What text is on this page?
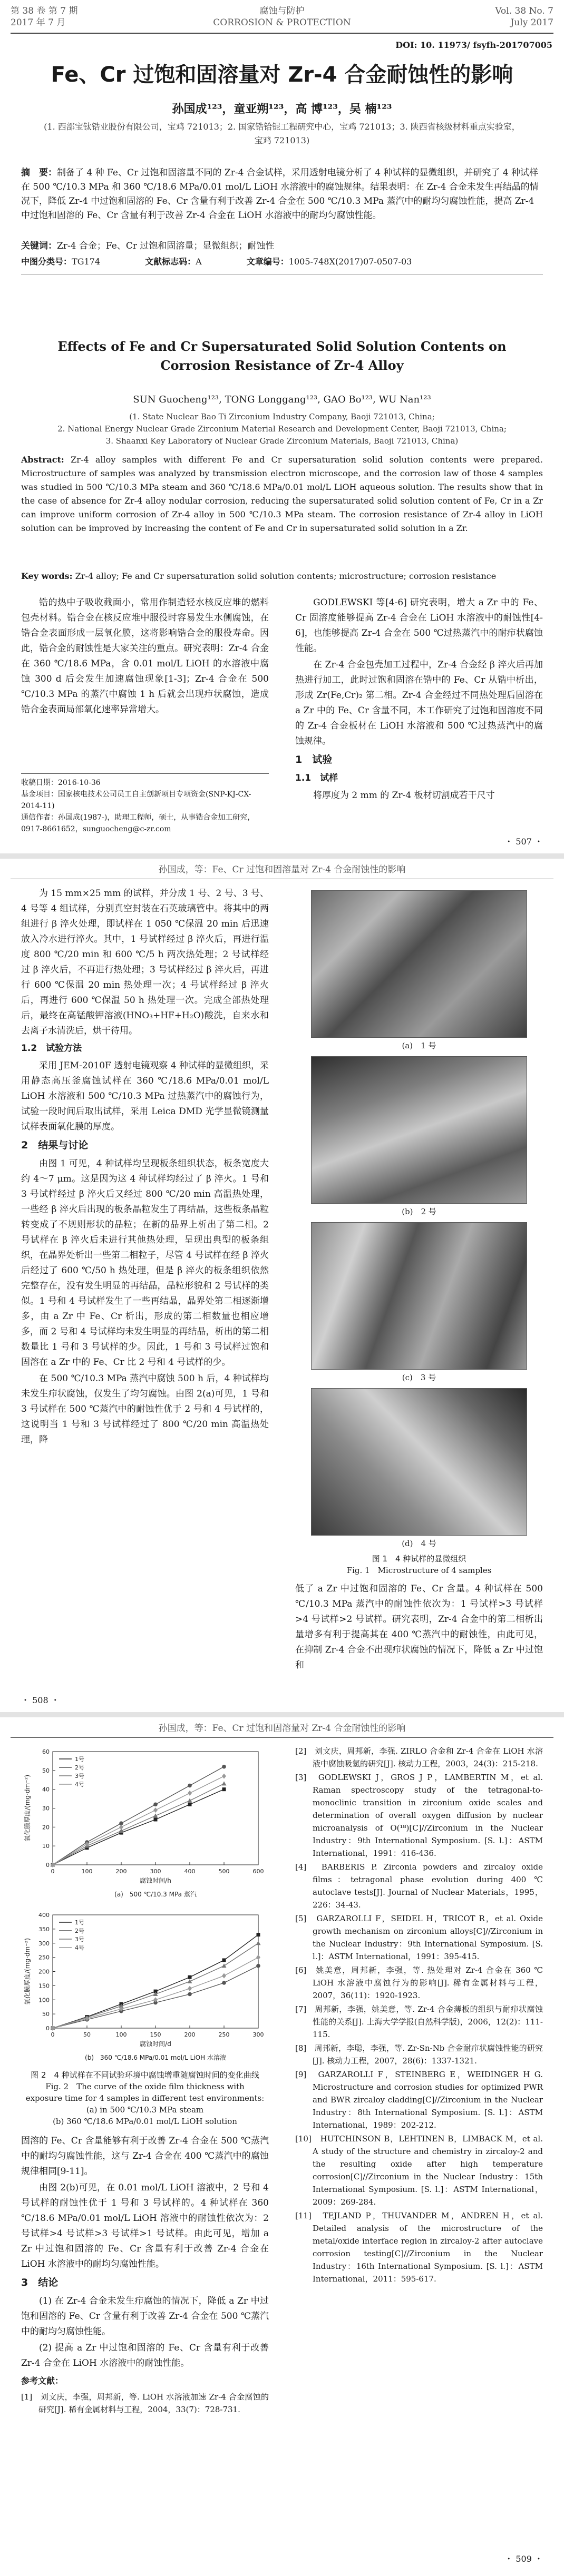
第 38 卷 第 7 期
2017 年 7 月
腐蚀与防护
CORROSION & PROTECTION
Vol. 38 No. 7
July 2017
DOI: 10. 11973/ fsyfh-201707005
Fe、Cr 过饱和固溶量对 Zr-4 合金耐蚀性的影响
孙国成¹²³，童亚朔¹²³，高 博¹²³，吴 楠¹²³
(1. 西部宝钛锆业股份有限公司，宝鸡 721013；2. 国家锆铪铌工程研究中心，宝鸡 721013；3. 陕西省核级材料重点实验室，宝鸡 721013)
摘　要：制备了 4 种 Fe、Cr 过饱和固溶量不同的 Zr-4 合金试样，采用透射电镜分析了 4 种试样的显微组织，并研究了 4 种试样在 500 ℃/10.3 MPa 和 360 ℃/18.6 MPa/0.01 mol/L LiOH 水溶液中的腐蚀规律。结果表明：在 Zr-4 合金未发生再结晶的情况下，降低 Zr-4 中过饱和固溶的 Fe、Cr 含量有利于改善 Zr-4 合金在 500 ℃/10.3 MPa 蒸汽中的耐均匀腐蚀性能，提高 Zr-4 中过饱和固溶的 Fe、Cr 含量有利于改善 Zr-4 合金在 LiOH 水溶液中的耐均匀腐蚀性能。
关键词：Zr-4 合金；Fe、Cr 过饱和固溶量；显微组织；耐蚀性
中图分类号：TG174	文献标志码：A	文章编号：1005-748X(2017)07-0507-03
Effects of Fe and Cr Supersaturated Solid Solution Contents on Corrosion Resistance of Zr-4 Alloy
SUN Guocheng¹²³, TONG Longgang¹²³, GAO Bo¹²³, WU Nan¹²³
(1. State Nuclear Bao Ti Zirconium Industry Company, Baoji 721013, China;
2. National Energy Nuclear Grade Zirconium Material Research and Development Center, Baoji 721013, China;
3. Shaanxi Key Laboratory of Nuclear Grade Zirconium Materials, Baoji 721013, China)
Abstract: Zr-4 alloy samples with different Fe and Cr supersaturation solid solution contents were prepared. Microstructure of samples was analyzed by transmission electron microscope, and the corrosion law of those 4 samples was studied in 500 ℃/10.3 MPa steam and 360 ℃/18.6 MPa/0.01 mol/L LiOH aqueous solution. The results show that in the case of absence for Zr-4 alloy nodular corrosion, reducing the supersaturated solid solution content of Fe, Cr in a Zr can improve uniform corrosion of Zr-4 alloy in 500 ℃/10.3 MPa steam. The corrosion resistance of Zr-4 alloy in LiOH solution can be improved by increasing the content of Fe and Cr in supersaturated solid solution in a Zr.
Key words: Zr-4 alloy; Fe and Cr supersaturation solid solution contents; microstructure; corrosion resistance

锆的热中子吸收截面小，常用作制造轻水核反应堆的燃料包壳材料。锆合金在核反应堆中服役时容易发生水侧腐蚀，在锆合金表面形成一层氧化膜，这将影响锆合金的服役寿命。因此，锆合金的耐蚀性是大家关注的重点。研究表明：Zr-4 合金在 360 ℃/18.6 MPa，含 0.01 mol/L LiOH 的水溶液中腐蚀 300 d 后会发生加速腐蚀现象[1-3]；Zr-4 合金在 500 ℃/10.3 MPa 的蒸汽中腐蚀 1 h 后就会出现疖状腐蚀，造成锆合金表面局部氧化速率异常增大。

GODLEWSKI 等[4-6] 研究表明，增大 a Zr 中的 Fe、Cr 固溶度能够提高 Zr-4 合金在 LiOH 水溶液中的耐蚀性[4-6]，也能够提高 Zr-4 合金在 500 ℃过热蒸汽中的耐疖状腐蚀性能。

在 Zr-4 合金包壳加工过程中，Zr-4 合金经 β 淬火后再加热进行加工，此时过饱和固溶在锆中的 Fe、Cr 从锆中析出，形成 Zr(Fe,Cr)₂ 第二相。Zr-4 合金经过不同热处理后固溶在 a Zr 中的 Fe、Cr 含量不同，本工作研究了过饱和固溶度不同的 Zr-4 合金板材在 LiOH 水溶液和 500 ℃过热蒸汽中的腐蚀规律。

1　试验
1.1　试样

将厚度为 2 mm 的 Zr-4 板材切割成若干尺寸

收稿日期：2016-10-36
基金项目：国家核电技术公司员工自主创新项目专项资金(SNP-KJ-CX-2014-11)
通信作者：孙国成(1987-)，助理工程师，硕士，从事锆合金加工研究，0917-8661652，sunguocheng@c-zr.com
・ 507 ・
孙国成，等：Fe、Cr 过饱和固溶量对 Zr-4 合金耐蚀性的影响

为 15 mm×25 mm 的试样，并分成 1 号、2 号、3 号、4 号等 4 组试样，分别真空封装在石英玻璃管中。将其中的两组进行 β 淬火处理，即试样在 1 050 ℃保温 20 min 后迅速放入冷水进行淬火。其中，1 号试样经过 β 淬火后，再进行温度 800 ℃/20 min 和 600 ℃/5 h 两次热处理；2 号试样经过 β 淬火后，不再进行热处理；3 号试样经过 β 淬火后，再进行 600 ℃保温 20 min 热处理一次；4 号试样经过 β 淬火后，再进行 600 ℃保温 50 h 热处理一次。完成全部热处理后，最终在高锰酸钾溶液(HNO₃+HF+H₂O)酸洗，自来水和去离子水清洗后，烘干待用。

1.2　试验方法

采用 JEM-2010F 透射电镜观察 4 种试样的显微组织，采用静态高压釜腐蚀试样在 360 ℃/18.6 MPa/0.01 mol/L LiOH 水溶液和 500 ℃/10.3 MPa 过热蒸汽中的腐蚀行为，试验一段时间后取出试样，采用 Leica DMD 光学显微镜测量试样表面氧化膜的厚度。

2　结果与讨论

由图 1 可见，4 种试样均呈现板条组织状态，板条宽度大约 4～7 μm。这是因为这 4 种试样均经过了 β 淬火。1 号和 3 号试样经过 β 淬火后又经过 800 ℃/20 min 高温热处理，一些经 β 淬火后出现的板条晶粒发生了再结晶，这些板条晶粒转变成了不规则形状的晶粒；在新的晶界上析出了第二相。2 号试样在 β 淬火后未进行其他热处理，呈现出典型的板条组织，在晶界处析出一些第二相粒子，尽管 4 号试样在经 β 淬火后经过了 600 ℃/50 h 热处理，但是 β 淬火的板条组织依然完整存在，没有发生明显的再结晶，晶粒形貌和 2 号试样的类似。1 号和 4 号试样发生了一些再结晶，晶界处第二相逐渐增多，由 a Zr 中 Fe、Cr 析出，形成的第二相数量也相应增多，而 2 号和 4 号试样均未发生明显的再结晶，析出的第二相数量比 1 号和 3 号试样的少。因此，1 号和 3 号试样过饱和固溶在 a Zr 中的 Fe、Cr 比 2 号和 4 号试样的少。

在 500 ℃/10.3 MPa 蒸汽中腐蚀 500 h 后，4 种试样均未发生疖状腐蚀，仅发生了均匀腐蚀。由图 2(a)可见，1 号和 3 号试样在 500 ℃蒸汽中的耐蚀性优于 2 号和 4 号试样的，这说明当 1 号和 3 号试样经过了 800 ℃/20 min 高温热处理，降

(a)　1 号
(b)　2 号
(c)　3 号
(d)　4 号
图 1　4 种试样的显微组织
Fig. 1　Microstructure of 4 samples

低了 a Zr 中过饱和固溶的 Fe、Cr 含量。4 种试样在 500 ℃/10.3 MPa 蒸汽中的耐蚀性依次为：1 号试样>3 号试样>4 号试样>2 号试样。研究表明，Zr-4 合金中的第二相析出量增多有利于提高其在 400 ℃蒸汽中的耐蚀性，由此可见，在抑制 Zr-4 合金不出现疖状腐蚀的情况下，降低 a Zr 中过饱和

・ 508 ・
孙国成，等：Fe、Cr 过饱和固溶量对 Zr-4 合金耐蚀性的影响
0	100	200	300	400	500	600
0
10
20
30
40
50
60
腐蚀时间/h
氧化膜厚度/(mg·dm⁻²)
(a)　500 ℃/10.3 MPa 蒸汽
1号
2号
3号
4号
0	50	100	150	200	250	300
0
50
100
150
200
250
300
350
400
腐蚀时间/d
氧化膜厚度/(mg·dm⁻²)
(b)　360 ℃/18.6 MPa/0.01 mol/L LiOH 水溶液
1号
2号
3号
4号
图 2　4 种试样在不同试验环境中腐蚀增重随腐蚀时间的变化曲线
Fig. 2　The curve of the oxide film thickness with
exposure time for 4 samples in different test environments:
(a) in 500 ℃/10.3 MPa steam
(b) 360 ℃/18.6 MPa/0.01 mol/L LiOH solution

固溶的 Fe、Cr 含量能够有利于改善 Zr-4 合金在 500 ℃蒸汽中的耐均匀腐蚀性能，这与 Zr-4 合金在 400 ℃蒸汽中的腐蚀规律相同[9-11]。

由图 2(b)可见，在 0.01 mol/L LiOH 溶液中，2 号和 4 号试样的耐蚀性优于 1 号和 3 号试样的。4 种试样在 360 ℃/18.6 MPa/0.01 mol/L LiOH 溶液中的耐蚀性依次为：2 号试样>4 号试样>3 号试样>1 号试样。由此可见，增加 a Zr 中过饱和固溶的 Fe、Cr 含量有利于改善 Zr-4 合金在 LiOH 水溶液中的耐均匀腐蚀性能。

3　结论

(1) 在 Zr-4 合金未发生疖腐蚀的情况下，降低 a Zr 中过饱和固溶的 Fe、Cr 含量有利于改善 Zr-4 合金在 500 ℃蒸汽中的耐均匀腐蚀性能。

(2) 提高 a Zr 中过饱和固溶的 Fe、Cr 含量有利于改善 Zr-4 合金在 LiOH 水溶液中的耐蚀性能。

参考文献：
[1]　刘文庆，李强，周邦新，等. LiOH 水溶液加速 Zr-4 合金腐蚀的研究[J]. 稀有金属材料与工程，2004，33(7)：728-731.
[2]　刘文庆，周邦新，李强. ZIRLO 合金和 Zr-4 合金在 LiOH 水溶液中腐蚀吸氢的研究[J]. 核动力工程，2003，24(3)：215-218.
[3]　GODLEWSKI J，GROS J P，LAMBERTIN M，et al. Raman spectroscopy study of the tetragonal-to-monoclinic transition in zirconium oxide scales and determination of overall oxygen diffusion by nuclear microanalysis of O(¹⁸)[C]//Zirconium in the Nuclear Industry：9th International Symposium. [S. l.]：ASTM International，1991：416-436.
[4]　BARBERIS P. Zirconia powders and zircaloy oxide films：tetragonal phase evolution during 400 ℃ autoclave tests[J]. Journal of Nuclear Materials，1995，226：34-43.
[5]　GARZAROLLI F，SEIDEL H，TRICOT R，et al. Oxide growth mechanism on zirconium alloys[C]//Zirconium in the Nuclear Industry：9th International Symposium. [S. l.]：ASTM International，1991：395-415.
[6]　姚美意，周邦新，李强，等. 热处理对 Zr-4 合金在 360 ℃ LiOH 水溶液中腐蚀行为的影响[J]. 稀有金属材料与工程，2007，36(11)：1920-1923.
[7]　周邦新，李强，姚美意，等. Zr-4 合金薄板的组织与耐疖状腐蚀性能的关系[J]. 上海大学学报(自然科学版)，2006，12(2)：111-115.
[8]　周邦新，李聪，李强，等. Zr-Sn-Nb 合金耐疖状腐蚀性能的研究[J]. 核动力工程，2007，28(6)：1337-1321.
[9]　GARZAROLLI F，STEINBERG E，WEIDINGER H G. Microstructure and corrosion studies for optimized PWR and BWR zircaloy cladding[C]//Zirconium in the Nuclear Industry：8th International Symposium. [S. l.]：ASTM International，1989：202-212.
[10]　HUTCHINSON B，LEHTINEN B，LIMBACK M，et al. A study of the structure and chemistry in zircaloy-2 and the resulting oxide after high temperature corrosion[C]//Zirconium in the Nuclear Industry：15th International Symposium. [S. l.]：ASTM International，2009：269-284.
[11]　TEJLAND P，THUVANDER M，ANDREN H，et al. Detailed analysis of the microstructure of the metal/oxide interface region in zircaloy-2 after autoclave corrosion testing[C]//Zirconium in the Nuclear Industry：16th International Symposium. [S. l.]：ASTM International，2011：595-617.
・ 509 ・
